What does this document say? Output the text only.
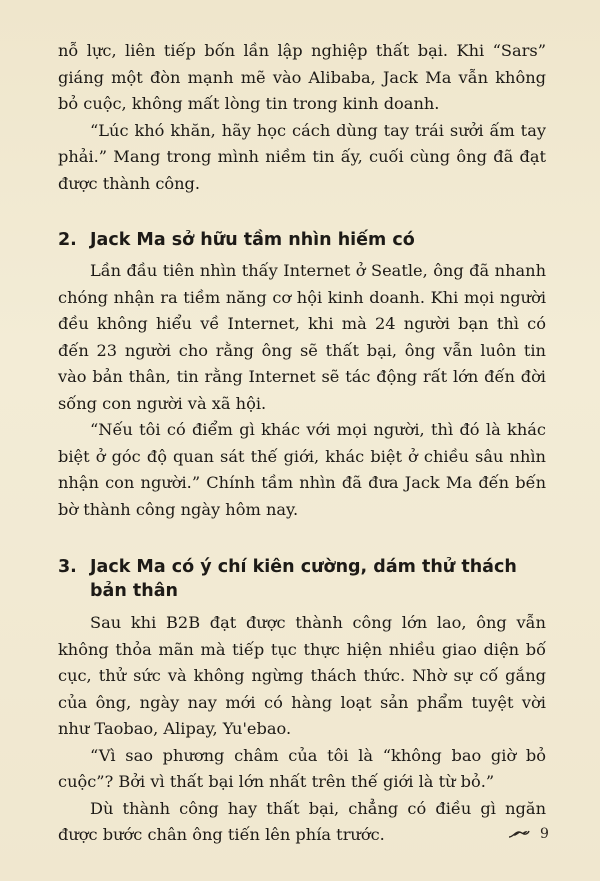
nỗ lực, liên tiếp bốn lần lập nghiệp thất bại. Khi “Sars” giáng một đòn mạnh mẽ vào Alibaba, Jack Ma vẫn không bỏ cuộc, không mất lòng tin trong kinh doanh.

“Lúc khó khăn, hãy học cách dùng tay trái sưởi ấm tay phải.” Mang trong mình niềm tin ấy, cuối cùng ông đã đạt được thành công.

2. Jack Ma sở hữu tầm nhìn hiếm có

Lần đầu tiên nhìn thấy Internet ở Seatle, ông đã nhanh chóng nhận ra tiềm năng cơ hội kinh doanh. Khi mọi người đều không hiểu về Internet, khi mà 24 người bạn thì có đến 23 người cho rằng ông sẽ thất bại, ông vẫn luôn tin vào bản thân, tin rằng Internet sẽ tác động rất lớn đến đời sống con người và xã hội.

“Nếu tôi có điểm gì khác với mọi người, thì đó là khác biệt ở góc độ quan sát thế giới, khác biệt ở chiều sâu nhìn nhận con người.” Chính tầm nhìn đã đưa Jack Ma đến bến bờ thành công ngày hôm nay.

3. Jack Ma có ý chí kiên cường, dám thử thách bản thân

Sau khi B2B đạt được thành công lớn lao, ông vẫn không thỏa mãn mà tiếp tục thực hiện nhiều giao diện bố cục, thử sức và không ngừng thách thức. Nhờ sự cố gắng của ông, ngày nay mới có hàng loạt sản phẩm tuyệt vời như Taobao, Alipay, Yu'ebao.

“Vì sao phương châm của tôi là “không bao giờ bỏ cuộc”? Bởi vì thất bại lớn nhất trên thế giới là từ bỏ.”

Dù thành công hay thất bại, chẳng có điều gì ngăn được bước chân ông tiến lên phía trước.	9
